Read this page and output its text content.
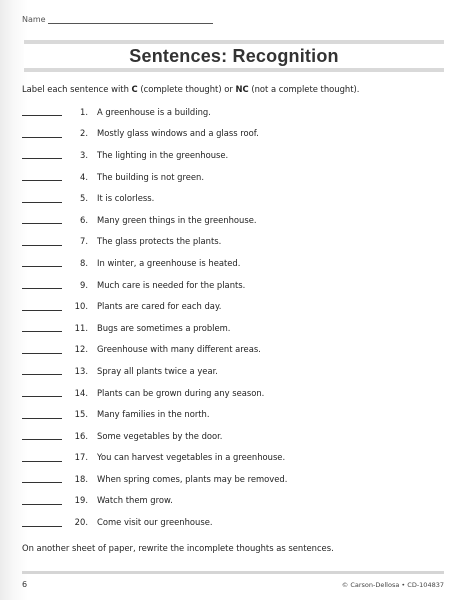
Name
Sentences: Recognition
Label each sentence with C (complete thought) or NC (not a complete thought).
1. A greenhouse is a building.
2. Mostly glass windows and a glass roof.
3. The lighting in the greenhouse.
4. The building is not green.
5. It is colorless.
6. Many green things in the greenhouse.
7. The glass protects the plants.
8. In winter, a greenhouse is heated.
9. Much care is needed for the plants.
10. Plants are cared for each day.
11. Bugs are sometimes a problem.
12. Greenhouse with many different areas.
13. Spray all plants twice a year.
14. Plants can be grown during any season.
15. Many families in the north.
16. Some vegetables by the door.
17. You can harvest vegetables in a greenhouse.
18. When spring comes, plants may be removed.
19. Watch them grow.
20. Come visit our greenhouse.
On another sheet of paper, rewrite the incomplete thoughts as sentences.
6	© Carson-Dellosa • CD-104837
